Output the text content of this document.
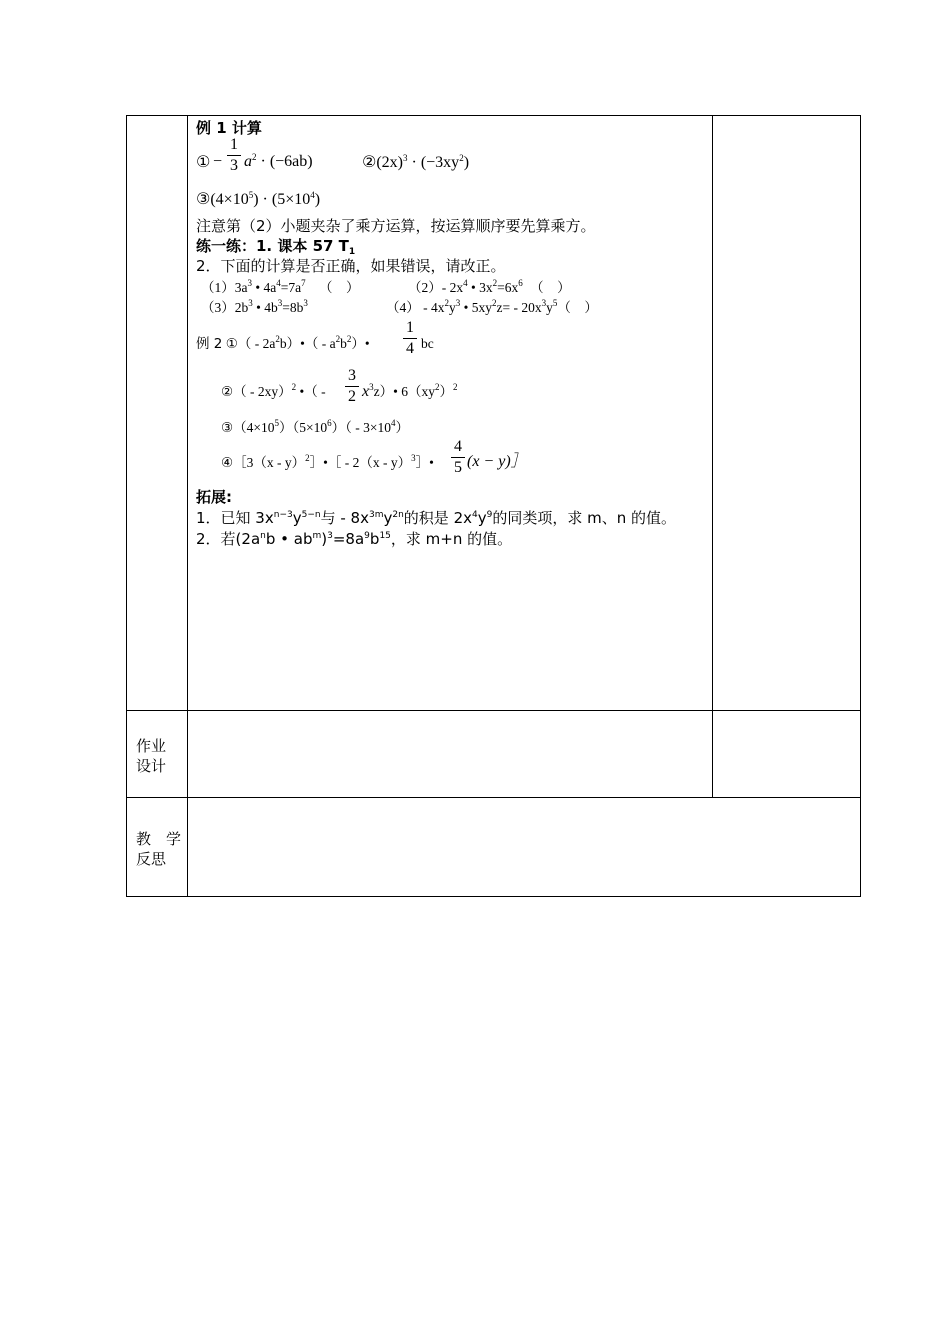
作业
设计
教　学
反思
例 1 计算
① −
1
3 $a^2 \cdot (-6ab)$	$②(2x)^3 \cdot (-3xy^2)$
$③(4\times 10^5) \cdot (5\times 10^4)$
注意第（2）小题夹杂了乘方运算，按运算顺序要先算乘方。
练一练：1. 课本 57 $T_1$
2．下面的计算是否正确，如果错误，请改正。
$(1)3a^3$ • $4a^4=7a^7$ （　）	（2）- $2x^4$ • $3x^2=6x^6$ （　）
$(3)2b^3$ • $4b^3=8b^3$	$(4) - 4x^2y^3$ • $5xy^2z= - 20x^3y^5$（　）
例 2 ①（ - $2a^2b)•$（ - $a^2b^2)•$
1
4 bc
②（ - 2xy）$^2$ •（ -
3
2 $x^3z)•$ $6(xy^2)^2$
$③(4\times 10^5)(5\times 10^6)( - 3\times 10^4)$
④［3（x - y）$^2$］•［ - 2（x - y）$^3$］•
4
5 (x − y)］
拓展:
1．已知 $3x^{n-3}y^{5-n}$与 - $8x^{3m}y^{2n}$的积是 $2x^4y^9$的同类项，求 m、n 的值。
2．若($2a^nb$ • $ab^m)^3=8a^9b^{15}$，求 m+n 的值。
